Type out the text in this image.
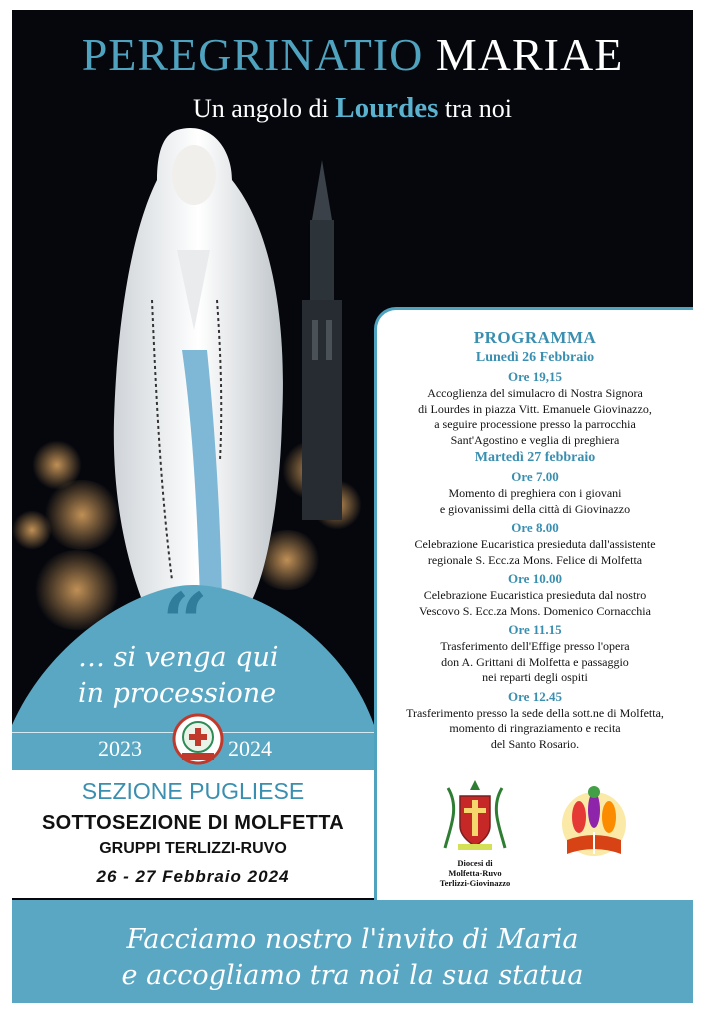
PEREGRINATIO MARIAE
Un angolo di Lourdes tra noi
“
… si venga qui
in processione
2023	2024
SEZIONE PUGLIESE
SOTTOSEZIONE DI MOLFETTA
GRUPPI TERLIZZI-RUVO
26 - 27 Febbraio 2024
PROGRAMMA
Lunedì 26 Febbraio
Ore 19,15
Accoglienza del simulacro di Nostra Signora
di Lourdes in piazza Vitt. Emanuele Giovinazzo,
a seguire processione presso la parrocchia
Sant'Agostino e veglia di preghiera
Martedì 27 febbraio
Ore 7.00
Momento di preghiera con i giovani
e giovanissimi della città di Giovinazzo
Ore 8.00
Celebrazione Eucaristica presieduta dall'assistente
regionale S. Ecc.za Mons. Felice di Molfetta
Ore 10.00
Celebrazione Eucaristica presieduta dal nostro
Vescovo S. Ecc.za Mons. Domenico Cornacchia
Ore 11.15
Trasferimento dell'Effige presso l'opera
don A. Grittani di Molfetta e passaggio
nei reparti degli ospiti
Ore 12.45
Trasferimento presso la sede della sott.ne di Molfetta,
momento di ringraziamento e recita
del Santo Rosario.
Diocesi di
Molfetta-Ruvo
Terlizzi-Giovinazzo
Facciamo nostro l'invito di Maria
e accogliamo tra noi la sua statua
